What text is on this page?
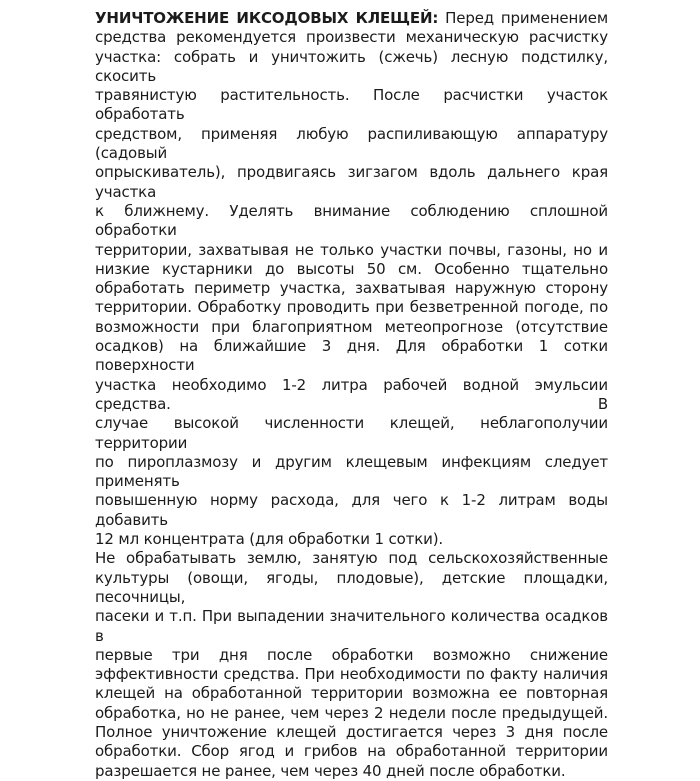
УНИЧТОЖЕНИЕ ИКСОДОВЫХ КЛЕЩЕЙ: Перед применением
средства рекомендуется произвести механическую расчистку
участка: собрать и уничтожить (сжечь) лесную подстилку, скосить
травянистую растительность. После расчистки участок обработать
средством, применяя любую распиливающую аппаратуру (садовый
опрыскиватель), продвигаясь зигзагом вдоль дальнего края участка
к ближнему. Уделять внимание соблюдению сплошной обработки
территории, захватывая не только участки почвы, газоны, но и
низкие кустарники до высоты 50 см. Особенно тщательно
обработать периметр участка, захватывая наружную сторону
территории. Обработку проводить при безветренной погоде, по
возможности при благоприятном метеопрогнозе (отсутствие
осадков) на ближайшие 3 дня. Для обработки 1 сотки поверхности
участка необходимо 1-2 литра рабочей водной эмульсии средства. В
случае высокой численности клещей, неблагополучии территории
по пироплазмозу и другим клещевым инфекциям следует применять
повышенную норму расхода, для чего к 1-2 литрам воды добавить
12 мл концентрата (для обработки 1 сотки).
Не обрабатывать землю, занятую под сельскохозяйственные
культуры (овощи, ягоды, плодовые), детские площадки, песочницы,
пасеки и т.п. При выпадении значительного количества осадков в
первые три дня после обработки возможно снижение
эффективности средства. При необходимости по факту наличия
клещей на обработанной территории возможна ее повторная
обработка, но не ранее, чем через 2 недели после предыдущей.
Полное уничтожение клещей достигается через 3 дня после
обработки. Сбор ягод и грибов на обработанной территории
разрешается не ранее, чем через 40 дней после обработки.
